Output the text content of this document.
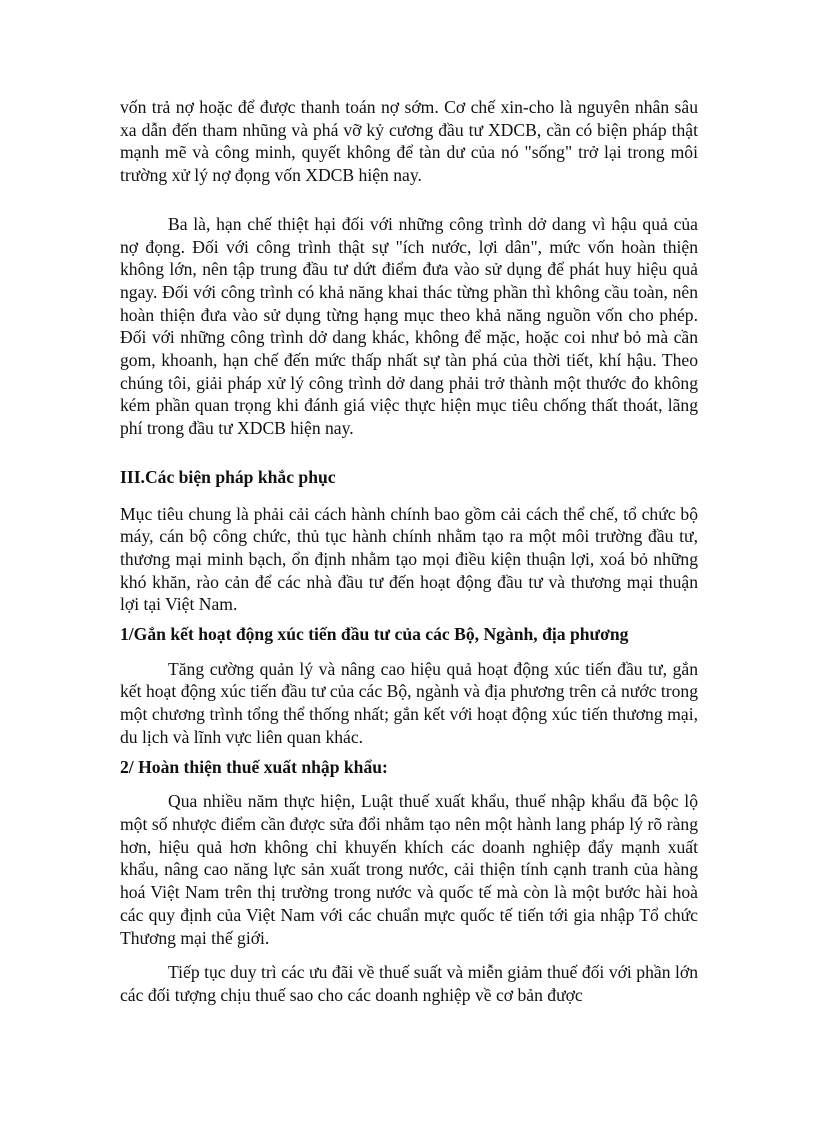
vốn trả nợ hoặc để được thanh toán nợ sớm. Cơ chế xin-cho là nguyên nhân sâu xa dẫn đến tham nhũng và phá vỡ kỷ cương đầu tư XDCB, cần có biện pháp thật mạnh mẽ và công minh, quyết không để tàn dư của nó "sống" trở lại trong môi trường xử lý nợ đọng vốn XDCB hiện nay.

Ba là, hạn chế thiệt hại đối với những công trình dở dang vì hậu quả của nợ đọng. Đối với công trình thật sự "ích nước, lợi dân", mức vốn hoàn thiện không lớn, nên tập trung đầu tư dứt điểm đưa vào sử dụng để phát huy hiệu quả ngay. Đối với công trình có khả năng khai thác từng phần thì không cầu toàn, nên hoàn thiện đưa vào sử dụng từng hạng mục theo khả năng nguồn vốn cho phép. Đối với những công trình dở dang khác, không để mặc, hoặc coi như bỏ mà cần gom, khoanh, hạn chế đến mức thấp nhất sự tàn phá của thời tiết, khí hậu. Theo chúng tôi, giải pháp xử lý công trình dở dang phải trở thành một thước đo không kém phần quan trọng khi đánh giá việc thực hiện mục tiêu chống thất thoát, lãng phí trong đầu tư XDCB hiện nay.

III.Các biện pháp khắc phục

Mục tiêu chung là phải cải cách hành chính bao gồm cải cách thể chế, tổ chức bộ máy, cán bộ công chức, thủ tục hành chính nhằm tạo ra một môi trường đầu tư, thương mại minh bạch, ổn định nhằm tạo mọi điều kiện thuận lợi, xoá bỏ những khó khăn, rào cản để các nhà đầu tư đến hoạt động đầu tư và thương mại thuận lợi tại Việt Nam.

1/Gắn kết hoạt động xúc tiến đầu tư của các Bộ, Ngành, địa phương

Tăng cường quản lý và nâng cao hiệu quả hoạt động xúc tiến đầu tư, gắn kết hoạt động xúc tiến đầu tư của các Bộ, ngành và địa phương trên cả nước trong một chương trình tổng thể thống nhất; gắn kết với hoạt động xúc tiến thương mại, du lịch và lĩnh vực liên quan khác.

2/ Hoàn thiện thuế xuất nhập khẩu:

Qua nhiều năm thực hiện, Luật thuế xuất khẩu, thuế nhập khẩu đã bộc lộ một số nhược điểm cần được sửa đổi nhằm tạo nên một hành lang pháp lý rõ ràng hơn, hiệu quả hơn không chỉ khuyến khích các doanh nghiệp đẩy mạnh xuất khẩu, nâng cao năng lực sản xuất trong nước, cải thiện tính cạnh tranh của hàng hoá Việt Nam trên thị trường trong nước và quốc tế mà còn là một bước hài hoà các quy định của Việt Nam với các chuẩn mực quốc tế tiến tới gia nhập Tổ chức Thương mại thế giới.

Tiếp tục duy trì các ưu đãi về thuế suất và miễn giảm thuế đối với phần lớn các đối tượng chịu thuế sao cho các doanh nghiệp về cơ bản được
